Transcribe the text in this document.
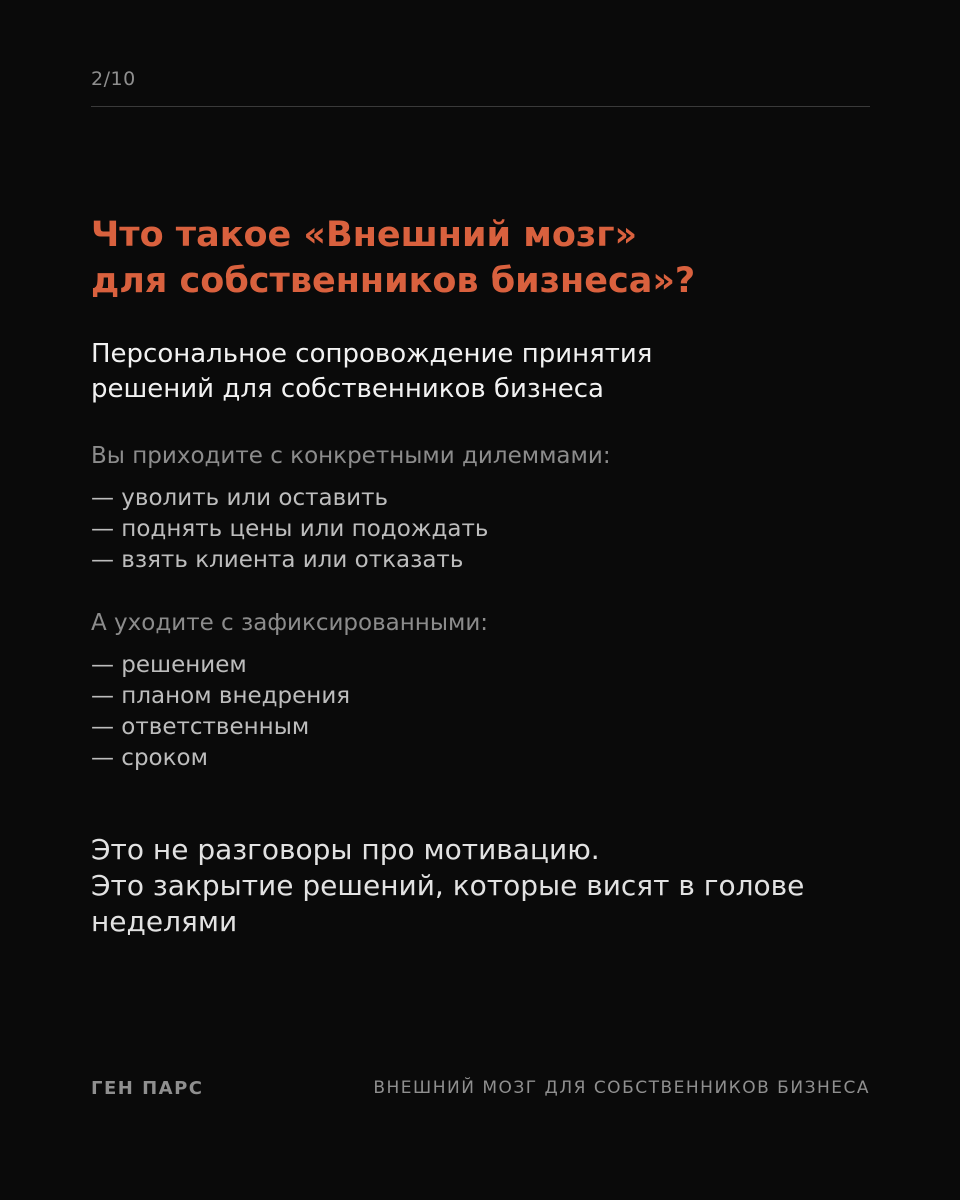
2/10
Что такое «Внешний мозг»
для собственников бизнеса»?
Персональное сопровождение принятия
решений для собственников бизнеса
Вы приходите с конкретными дилеммами:
— уволить или оставить
— поднять цены или подождать
— взять клиента или отказать
А уходите с зафиксированными:
— решением
— планом внедрения
— ответственным
— сроком
Это не разговоры про мотивацию.
Это закрытие решений, которые висят в голове
неделями
ГЕН ПАРС	ВНЕШНИЙ МОЗГ ДЛЯ СОБСТВЕННИКОВ БИЗНЕСА
